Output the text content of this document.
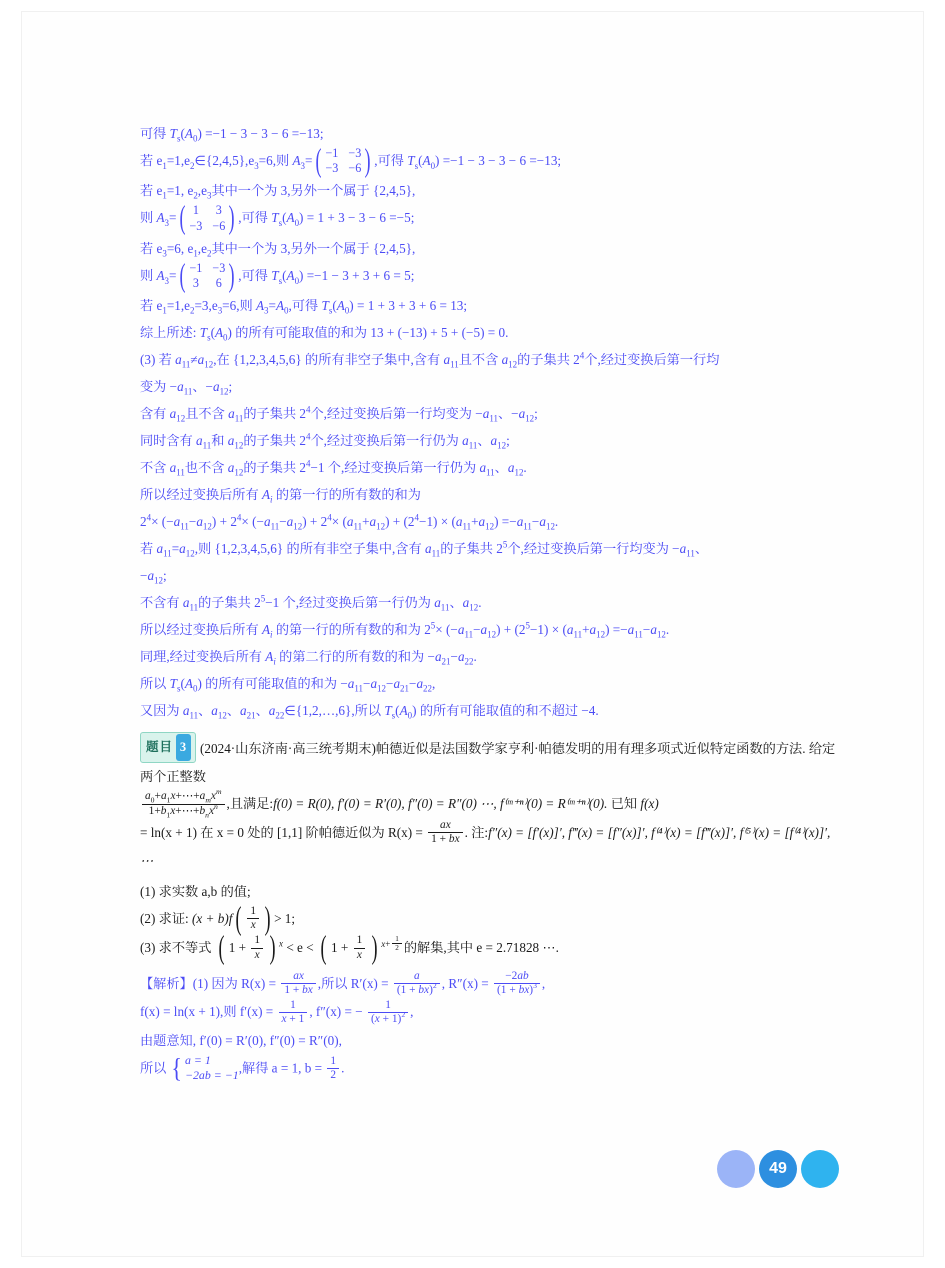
可得 $T_s(A_0) =-1 - 3 - 3 - 6 =-13$;
若 $e_1=1,e_2\in\{2,4,5\},e_3=6$,则 $A_3=$ ( −1 −3
−3 −6 ) ,可得 $T_s(A_0) =-1 - 3 - 3 - 6 =-13$;
若 $e_1=1$, $e_2,e_3$其中一个为 3,另外一个属于 {2,4,5},
则 $A_3=$ ( 1 3
−3 −6 ) ,可得 $T_s(A_0) = 1 + 3 - 3 - 6 =-5$;
若 $e_3=6$, $e_1,e_2$其中一个为 3,另外一个属于 {2,4,5},
则 $A_3=$ ( −1 −3
3 6 ) ,可得 $T_s(A_0) =-1 - 3 + 3 + 6 = 5$;
若 $e_1=1,e_2=3,e_3=6$,则 $A_3=A_0$,可得 $T_s(A_0) = 1 + 3 + 3 + 6 = 13$;
综上所述: $T_s(A_0)$ 的所有可能取值的和为 13 + (−13) + 5 + (−5) = 0.
(3) 若 $a_{11}\ne a_{12}$,在 {1,2,3,4,5,6} 的所有非空子集中,含有 $a_{11}$且不含 $a_{12}$的子集共 $2^4$个,经过变换后第一行均
变为 $-a_{11}$、$-a_{12}$;
含有 $a_{12}$且不含 $a_{11}$的子集共 $2^4$个,经过变换后第一行均变为 $-a_{11}$、$-a_{12}$;
同时含有 $a_{11}$和 $a_{12}$的子集共 $2^4$个,经过变换后第一行仍为 $a_{11}$、$a_{12}$;
不含 $a_{11}$也不含 $a_{12}$的子集共 $2^4-1$ 个,经过变换后第一行仍为 $a_{11}$、$a_{12}$.
所以经过变换后所有 $A_i$ 的第一行的所有数的和为
$2^4\times (-a_{11}-a_{12}) + 2^4\times (-a_{11}-a_{12}) + 2^4\times (a_{11}+a_{12}) + (2^4-1) \times (a_{11}+a_{12}) =-a_{11}-a_{12}$.
若 $a_{11}=a_{12}$,则 {1,2,3,4,5,6} 的所有非空子集中,含有 $a_{11}$的子集共 $2^5$个,经过变换后第一行均变为 $-a_{11}$、
$-a_{12}$;
不含有 $a_{11}$的子集共 $2^5-1$ 个,经过变换后第一行仍为 $a_{11}$、$a_{12}$.
所以经过变换后所有 $A_i$ 的第一行的所有数的和为 $2^5\times (-a_{11}-a_{12}) + (2^5-1) \times (a_{11}+a_{12}) =-a_{11}-a_{12}$.
同理,经过变换后所有 $A_i$ 的第二行的所有数的和为 $-a_{21}-a_{22}$.
所以 $T_s(A_0)$ 的所有可能取值的和为 $-a_{11}-a_{12}-a_{21}-a_{22}$,
又因为 $a_{11}$、$a_{12}$、$a_{21}$、$a_{22}\in\{1,2,\dots,6\}$,所以 $T_s(A_0)$ 的所有可能取值的和不超过 −4.
题目 3 (2024·山东济南·高三统考期末)帕德近似是法国数学家亨利·帕德发明的用有理多项式近似特定函数的方法. 给定两个正整数
$\frac{a_0+a_1x+\cdots+a_mx^m}{1+b_1x+\cdots+b_nx^n}$ ,且满足:f(0) = R(0), f′(0) = R′(0), f″(0) = R″(0) ⋯, f⁽ᵐ⁺ⁿ⁾(0) = R⁽ᵐ⁺ⁿ⁾(0). 已知 f(x)
= ln(x + 1) 在 x = 0 处的 [1,1] 阶帕德近似为 $R(x) = \frac{ax}{1 + bx}$ . 注:f″(x) = [f′(x)]′, f‴(x) = [f″(x)]′, f⁽⁴⁾(x) = [f‴(x)]′, f⁽⁵⁾(x) = [f⁽⁴⁾(x)]′, ⋯
(1) 求实数 a,b 的值;
(2) 求证: (x + b)f ( $\frac{1}{x}$ ) > 1;
(3) 求不等式 ( $1 + \frac{1}{x}$ ) $^x$ < e < ( $1 + \frac{1}{x}$ ) $^{x+ \frac{1}{2}}$ 的解集,其中 e = 2.71828 ⋯.
【解析】(1) 因为 $R(x) = \frac{ax}{1 + bx}$ ,所以 $R'(x) = \frac{a}{(1 + bx)^2}$ , $R''(x) = \frac{-2ab}{(1 + bx)^3}$ ,
f(x) = ln(x + 1),则 $f'(x) = \frac{1}{x + 1}$ , f″(x) = − $\frac{1}{(x + 1)^2}$ ,
由题意知, f′(0) = R′(0), f″(0) = R″(0),
所以 { a = 1
−2ab = −1 ,解得 a = 1, $b = \frac{1}{2}$ .
49
